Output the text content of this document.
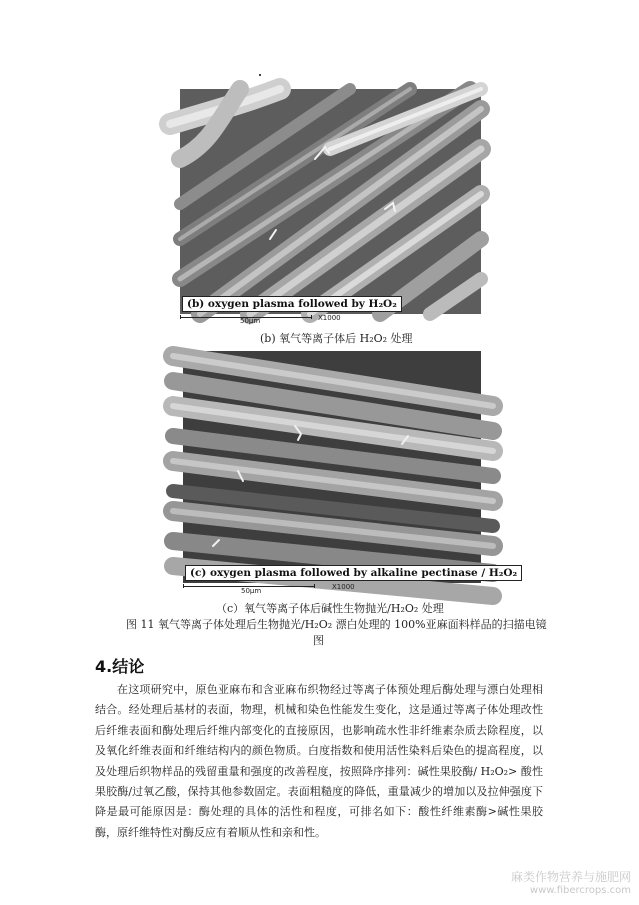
(b) oxygen plasma followed by H₂O₂
50μm	X1000
(b) 氧气等离子体后 H₂O₂ 处理
(c) oxygen plasma followed by alkaline pectinase / H₂O₂
50μm	X1000
（c）氧气等离子体后碱性生物抛光/H₂O₂ 处理
图 11 氧气等离子体处理后生物抛光/H₂O₂ 漂白处理的 100%亚麻面料样品的扫描电镜
图
4.结论

在这项研究中，原色亚麻布和含亚麻布织物经过等离子体预处理后酶处理与漂白处理相结合。经处理后基材的表面，物理，机械和染色性能发生变化，这是通过等离子体处理改性后纤维表面和酶处理后纤维内部变化的直接原因，也影响疏水性非纤维素杂质去除程度，以及氧化纤维表面和纤维结构内的颜色物质。白度指数和使用活性染料后染色的提高程度，以及处理后织物样品的残留重量和强度的改善程度，按照降序排列：碱性果胶酶/ H₂O₂> 酸性果胶酶/过氧乙酸，保持其他参数固定。表面粗糙度的降低，重量减少的增加以及拉伸强度下降是最可能原因是：酶处理的具体的活性和程度，可排名如下：酸性纤维素酶>碱性果胶酶，原纤维特性对酶反应有着顺从性和亲和性。

麻类作物营养与施肥网
www.fibercrops.com
